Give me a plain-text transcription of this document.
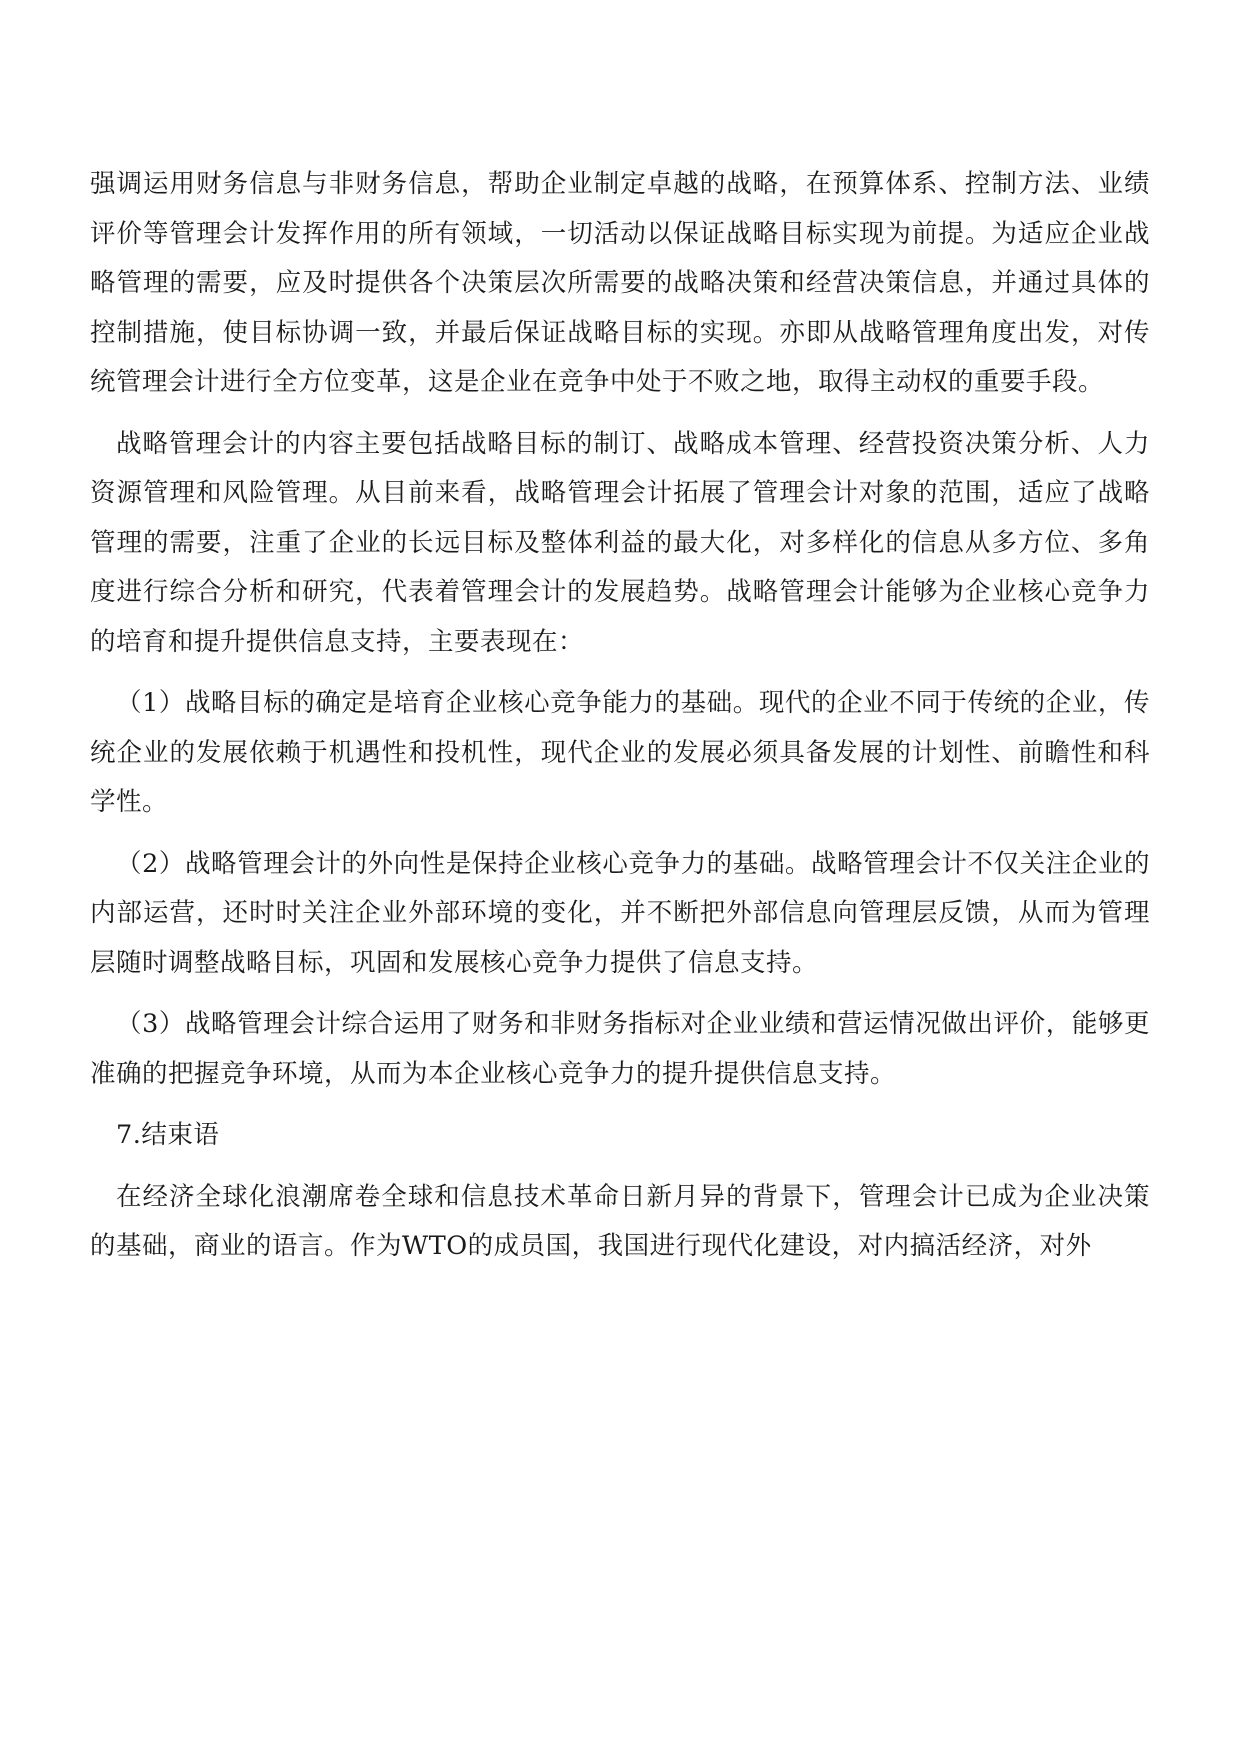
强调运用财务信息与非财务信息，帮助企业制定卓越的战略，在预算体系、控制方法、业绩评价等管理会计发挥作用的所有领域，一切活动以保证战略目标实现为前提。为适应企业战略管理的需要，应及时提供各个决策层次所需要的战略决策和经营决策信息，并通过具体的控制措施，使目标协调一致，并最后保证战略目标的实现。亦即从战略管理角度出发，对传统管理会计进行全方位变革，这是企业在竞争中处于不败之地，取得主动权的重要手段。

战略管理会计的内容主要包括战略目标的制订、战略成本管理、经营投资决策分析、人力资源管理和风险管理。从目前来看，战略管理会计拓展了管理会计对象的范围，适应了战略管理的需要，注重了企业的长远目标及整体利益的最大化，对多样化的信息从多方位、多角度进行综合分析和研究，代表着管理会计的发展趋势。战略管理会计能够为企业核心竞争力的培育和提升提供信息支持，主要表现在：

（1）战略目标的确定是培育企业核心竞争能力的基础。现代的企业不同于传统的企业，传统企业的发展依赖于机遇性和投机性，现代企业的发展必须具备发展的计划性、前瞻性和科学性。

（2）战略管理会计的外向性是保持企业核心竞争力的基础。战略管理会计不仅关注企业的内部运营，还时时关注企业外部环境的变化，并不断把外部信息向管理层反馈，从而为管理层随时调整战略目标，巩固和发展核心竞争力提供了信息支持。

（3）战略管理会计综合运用了财务和非财务指标对企业业绩和营运情况做出评价，能够更准确的把握竞争环境，从而为本企业核心竞争力的提升提供信息支持。

7.结束语

在经济全球化浪潮席卷全球和信息技术革命日新月异的背景下，管理会计已成为企业决策的基础，商业的语言。作为WTO的成员国，我国进行现代化建设，对内搞活经济，对外
